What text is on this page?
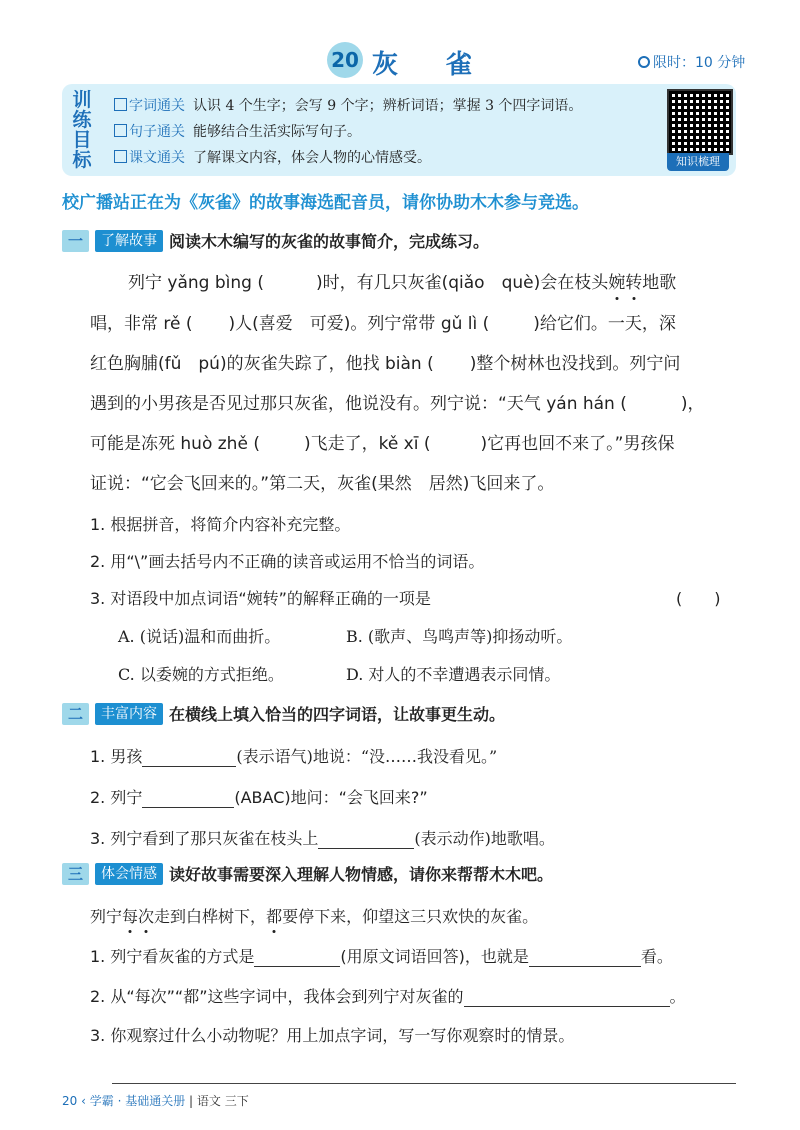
20 灰雀	限时：10 分钟
训练目标
字词通关 认识 4 个生字；会写 9 个字；辨析词语；掌握 3 个四字词语。
句子通关 能够结合生活实际写句子。
课文通关 了解课文内容，体会人物的心情感受。	知识梳理
校广播站正在为《灰雀》的故事海选配音员，请你协助木木参与竞选。
一	了解故事 阅读木木编写的灰雀的故事简介，完成练习。
列宁 yǎng bìng (	)时，有几只灰雀(qiǎo　què)会在枝头婉转地歌
唱，非常 rě ( )人(喜爱　可爱)。列宁常带 gǔ lì (	)给它们。一天，深
红色胸脯(fǔ　pú)的灰雀失踪了，他找 biàn ( )整个树林也没找到。列宁问
遇到的小男孩是否见过那只灰雀，他说没有。列宁说：“天气 yán hán (	)，
可能是冻死 huò zhě (	)飞走了，kě xī (	)它再也回不来了。”男孩保
证说：“它会飞回来的。”第二天，灰雀(果然　居然)飞回来了。
1. 根据拼音，将简介内容补充完整。
2. 用“\”画去括号内不正确的读音或运用不恰当的词语。
3. 对语段中加点词语“婉转”的解释正确的一项是	(　　)
A. (说话)温和而曲折。	B. (歌声、鸟鸣声等)抑扬动听。
C. 以委婉的方式拒绝。	D. 对人的不幸遭遇表示同情。
二	丰富内容 在横线上填入恰当的四字词语，让故事更生动。
1. 男孩	(表示语气)地说：“没……我没看见。”
2. 列宁	(ABAC)地问：“会飞回来?”
3. 列宁看到了那只灰雀在枝头上	(表示动作)地歌唱。
三	体会情感 读好故事需要深入理解人物情感，请你来帮帮木木吧。
列宁每次走到白桦树下，都要停下来，仰望这三只欢快的灰雀。
1. 列宁看灰雀的方式是	(用原文词语回答)，也就是	看。
2. 从“每次”“都”这些字词中，我体会到列宁对灰雀的	。
3. 你观察过什么小动物呢？用上加点字词，写一写你观察时的情景。
20 ‹ 学霸 · 基础通关册 | 语文 三下
